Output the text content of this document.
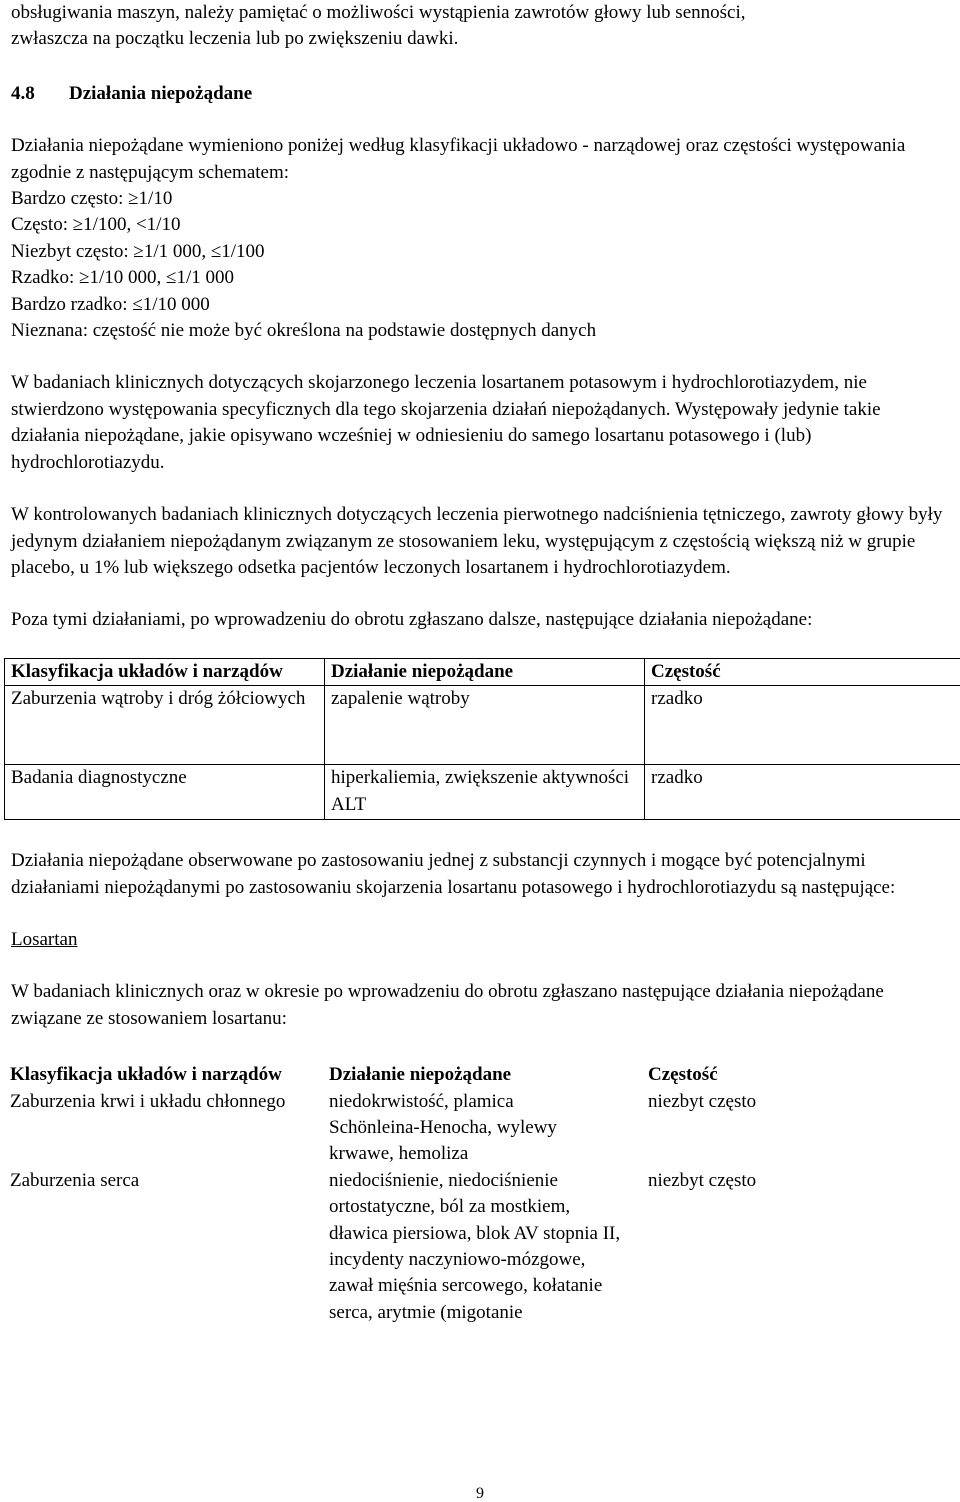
obsługiwania maszyn, należy pamiętać o możliwości wystąpienia zawrotów głowy lub senności,

zwłaszcza na początku leczenia lub po zwiększeniu dawki.

4.8 Działania niepożądane

Działania niepożądane wymieniono poniżej według klasyfikacji układowo - narządowej oraz częstości występowania zgodnie z następującym schematem:

Bardzo często: ≥1/10

Często: ≥1/100, <1/10

Niezbyt często: ≥1/1 000, ≤1/100

Rzadko: ≥1/10 000, ≤1/1 000

Bardzo rzadko: ≤1/10 000

Nieznana: częstość nie może być określona na podstawie dostępnych danych

W badaniach klinicznych dotyczących skojarzonego leczenia losartanem potasowym i hydrochlorotiazydem, nie stwierdzono występowania specyficznych dla tego skojarzenia działań niepożądanych. Występowały jedynie takie działania niepożądane, jakie opisywano wcześniej w odniesieniu do samego losartanu potasowego i (lub) hydrochlorotiazydu.

W kontrolowanych badaniach klinicznych dotyczących leczenia pierwotnego nadciśnienia tętniczego, zawroty głowy były jedynym działaniem niepożądanym związanym ze stosowaniem leku, występującym z częstością większą niż w grupie placebo, u 1% lub większego odsetka pacjentów leczonych losartanem i hydrochlorotiazydem.

Poza tymi działaniami, po wprowadzeniu do obrotu zgłaszano dalsze, następujące działania niepożądane:

Klasyfikacja układów i narządów	Działanie niepożądane	Częstość
Zaburzenia wątroby i dróg żółciowych	zapalenie wątroby	rzadko
Badania diagnostyczne	hiperkaliemia, zwiększenie aktywności ALT	rzadko

Działania niepożądane obserwowane po zastosowaniu jednej z substancji czynnych i mogące być potencjalnymi działaniami niepożądanymi po zastosowaniu skojarzenia losartanu potasowego i hydrochlorotiazydu są następujące:

Losartan

W badaniach klinicznych oraz w okresie po wprowadzeniu do obrotu zgłaszano następujące działania niepożądane związane ze stosowaniem losartanu:

Klasyfikacja układów i narządów	Działanie niepożądane	Częstość
Zaburzenia krwi i układu chłonnego	niedokrwistość, plamica Schönleina-Henocha, wylewy krwawe, hemoliza	niezbyt często
Zaburzenia serca	niedociśnienie, niedociśnienie ortostatyczne, ból za mostkiem, dławica piersiowa, blok AV stopnia II, incydenty naczyniowo-mózgowe, zawał mięśnia sercowego, kołatanie serca, arytmie (migotanie	niezbyt często
9
